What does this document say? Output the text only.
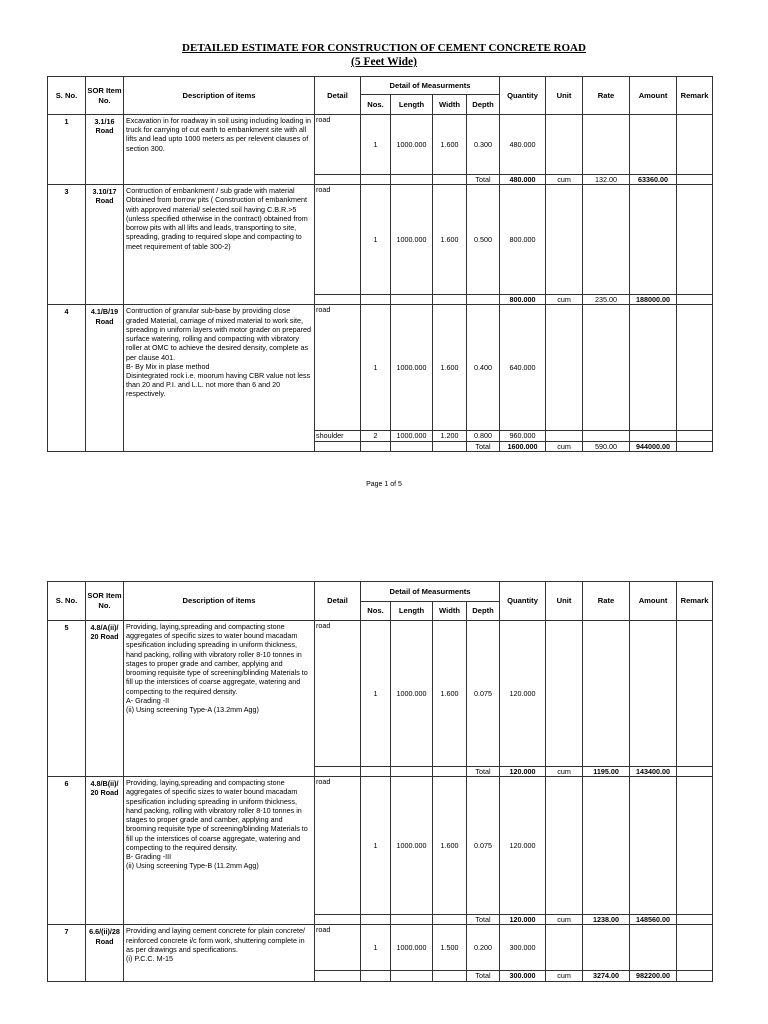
DETAILED ESTIMATE FOR CONSTRUCTION OF CEMENT CONCRETE ROAD
(5 Feet Wide)
S. No.	SOR Item No.	Description of items	Detail	Detail of Measurments				Quantity	Unit	Rate	Amount	Remark
				Nos.	Length	Width	Depth					
1	3.1/16 Road	Excavation in for roadway in soil using including loading in truck for carrying of cut earth to embankment site with all lifts and lead upto 1000 meters as per relevent clauses of section 300.	road	1	1000.000	1.600	0.300	480.000				
							Total	480.000	cum	132.00	63360.00	
3	3.10/17 Road	Contruction of embankment / sub grade with material Obtained from borrow pits ( Construction of embankment with approved material/ selected soil having C.B.R.>5 (unless specified otherwise in the contract) obtained from borrow pits with all lifts and leads, transporting to site, spreading, grading to required slope and compacting to meet requirement of table 300-2)	road	1	1000.000	1.600	0.500	800.000				
								800.000	cum	235.00	188000.00	
4	4.1/B/19 Road	Contruction of granular sub-base by providing close graded Material, carriage of mixed material to work site, spreading in uniform layers with motor grader on prepared surface watering, rolling and compacting with vibratory roller at OMC to achieve the desired density, complete as per clause 401.
B- By Mix in plase method
Disintegrated rock i.e. moorum having CBR value not less than 20 and P.I. and L.L. not more than 6 and 20 respectively.	road	1	1000.000	1.600	0.400	640.000				
			shoulder	2	1000.000	1.200	0.800	960.000				
							Total	1600.000	cum	590.00	944000.00	
Page 1 of 5
S. No.	SOR Item No.	Description of items	Detail	Detail of Measurments				Quantity	Unit	Rate	Amount	Remark
				Nos.	Length	Width	Depth					
5	4.8/A(ii)/ 20 Road	Providing, laying,spreading and compacting stone aggregates of specific sizes to water bound macadam spesification including spreading in uniform thickness, hand packing, rolling with vibratory roller 8-10 tonnes in stages to proper grade and camber, applying and brooming requisite type of screening/blinding Materials to fill up the interstices of coarse aggregate, watering and compecting to the required density.
A- Grading -II
(ii) Using screening Type-A (13.2mm Agg)	road	1	1000.000	1.600	0.075	120.000				
							Total	120.000	cum	1195.00	143400.00	
6	4.8/B(ii)/ 20 Road	Providing, laying,spreading and compacting stone aggregates of specific sizes to water bound macadam spesification including spreading in uniform thickness, hand packing, rolling with vibratory roller 8-10 tonnes in stages to proper grade and camber, applying and brooming requisite type of screening/blinding Materials to fill up the interstices of coarse aggregate, watering and compecting to the required density.
B- Grading -III
(ii) Using screening Type-B (11.2mm Agg)	road	1	1000.000	1.600	0.075	120.000				
							Total	120.000	cum	1238.00	148560.00	
7	6.6/(ii)/28 Road	Providing and laying cement concrete for plain concrete/ reinforced concrete i/c form work, shuttering complete in as per drawings and specifications.
(i) P.C.C. M-15	road	1	1000.000	1.500	0.200	300.000				
							Total	300.000	cum	3274.00	982200.00	
